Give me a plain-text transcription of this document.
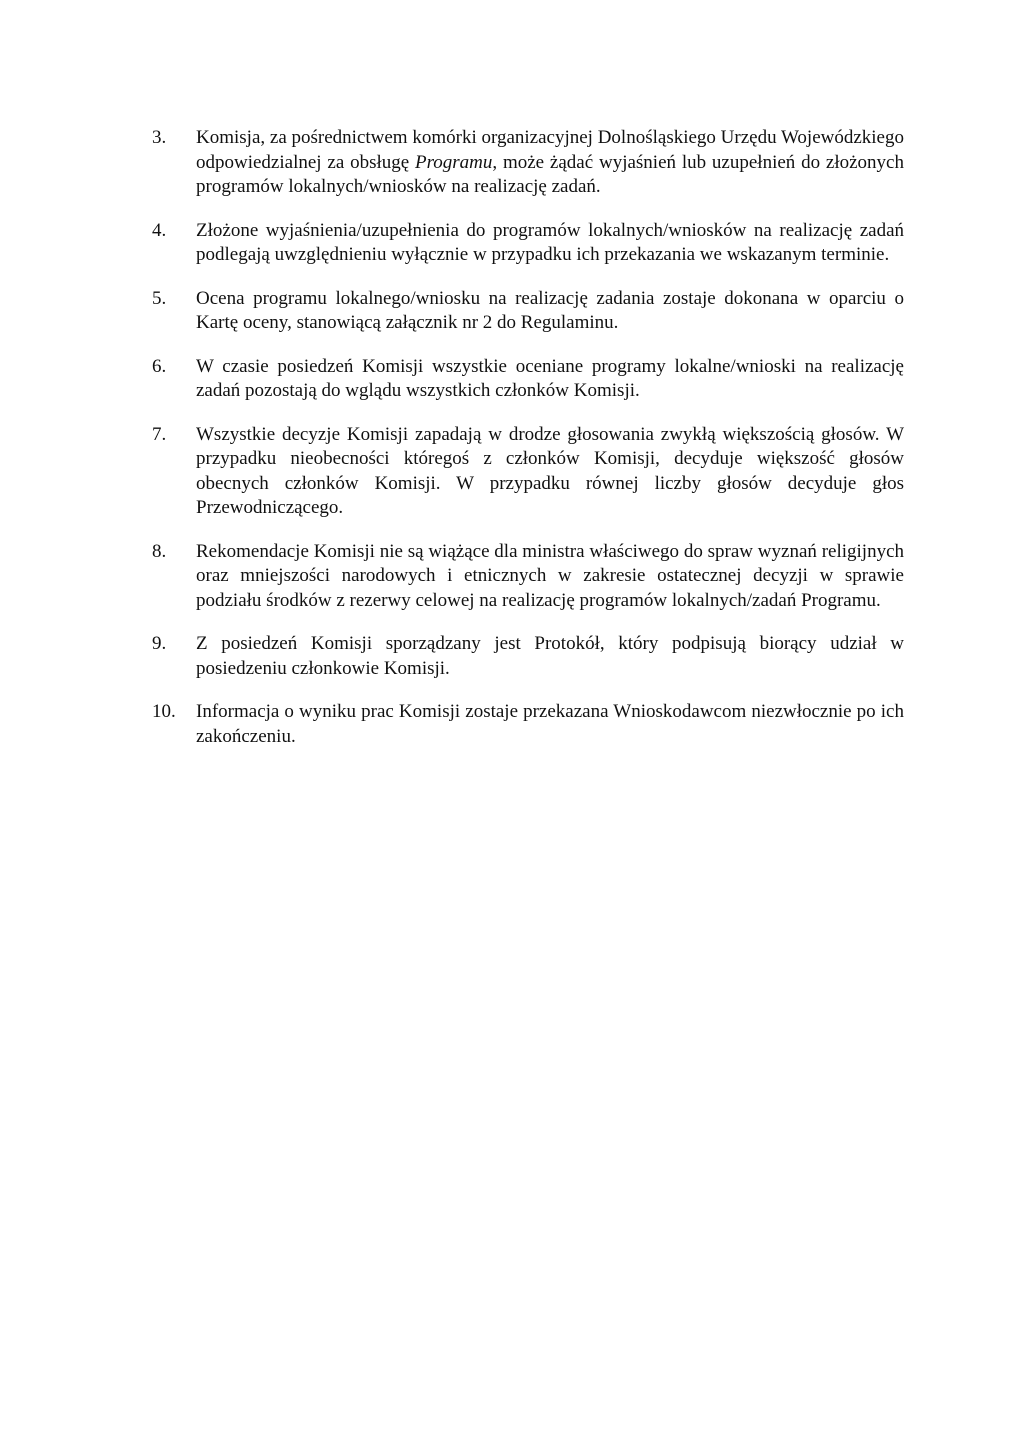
3.	Komisja, za pośrednictwem komórki organizacyjnej Dolnośląskiego Urzędu Wojewódzkiego odpowiedzialnej za obsługę Programu, może żądać wyjaśnień lub uzupełnień do złożonych programów lokalnych/wniosków na realizację zadań.
4.	Złożone wyjaśnienia/uzupełnienia do programów lokalnych/wniosków na realizację zadań podlegają uwzględnieniu wyłącznie w przypadku ich przekazania we wskazanym terminie.
5.	Ocena programu lokalnego/wniosku na realizację zadania zostaje dokonana w oparciu o Kartę oceny, stanowiącą załącznik nr 2 do Regulaminu.
6.	W czasie posiedzeń Komisji wszystkie oceniane programy lokalne/wnioski na realizację zadań pozostają do wglądu wszystkich członków Komisji.
7.	Wszystkie decyzje Komisji zapadają w drodze głosowania zwykłą większością głosów. W przypadku nieobecności któregoś z członków Komisji, decyduje większość głosów obecnych członków Komisji. W przypadku równej liczby głosów decyduje głos Przewodniczącego.
8.	Rekomendacje Komisji nie są wiążące dla ministra właściwego do spraw wyznań religijnych oraz mniejszości narodowych i etnicznych w zakresie ostatecznej decyzji w sprawie podziału środków z rezerwy celowej na realizację programów lokalnych/zadań Programu.
9.	Z posiedzeń Komisji sporządzany jest Protokół, który podpisują biorący udział w posiedzeniu członkowie Komisji.
10.	Informacja o wyniku prac Komisji zostaje przekazana Wnioskodawcom niezwłocznie po ich zakończeniu.
